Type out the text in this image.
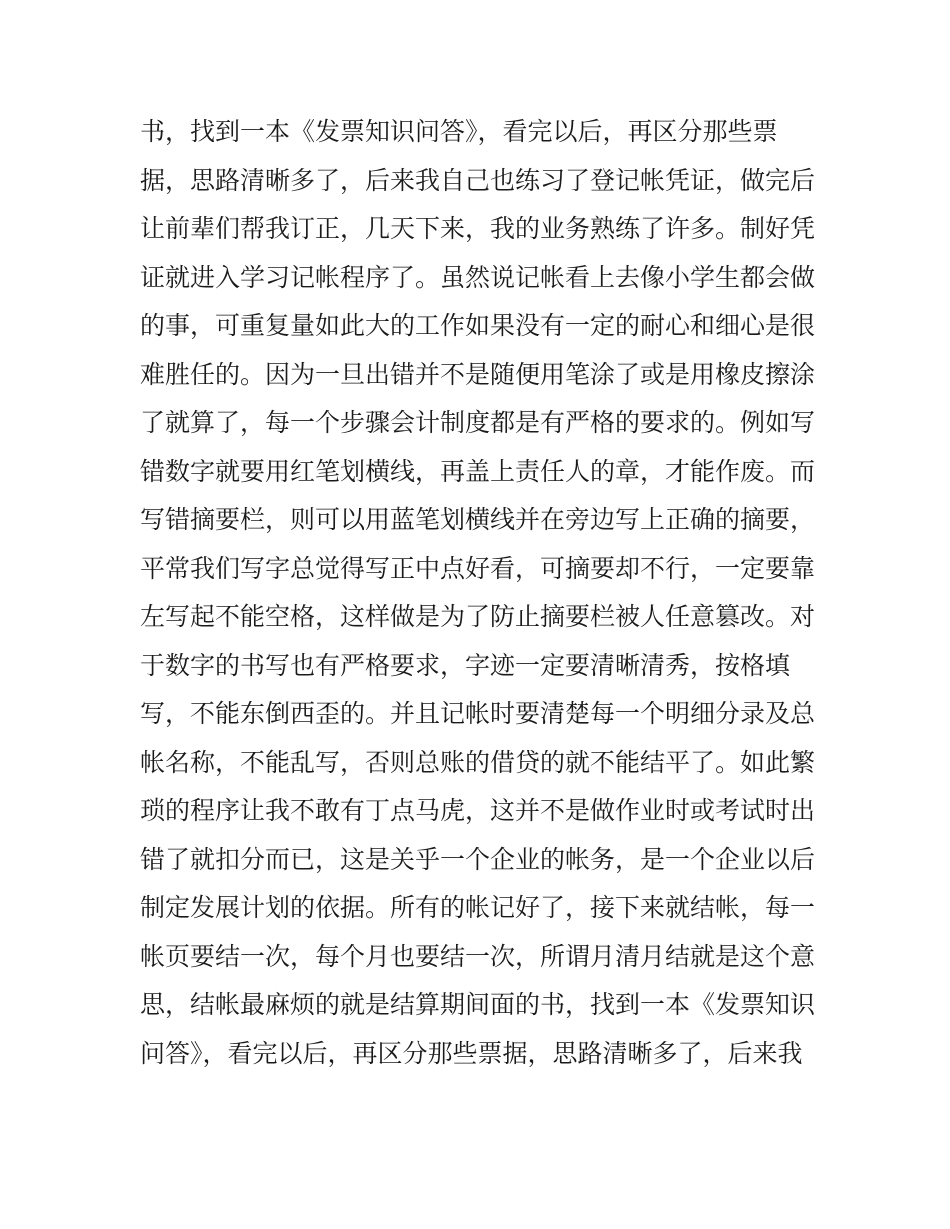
书，找到一本《发票知识问答》，看完以后，再区分那些票
据，思路清晰多了，后来我自己也练习了登记帐凭证，做完后
让前辈们帮我订正，几天下来，我的业务熟练了许多。制好凭
证就进入学习记帐程序了。虽然说记帐看上去像小学生都会做
的事，可重复量如此大的工作如果没有一定的耐心和细心是很
难胜任的。因为一旦出错并不是随便用笔涂了或是用橡皮擦涂
了就算了，每一个步骤会计制度都是有严格的要求的。例如写
错数字就要用红笔划横线，再盖上责任人的章，才能作废。而
写错摘要栏，则可以用蓝笔划横线并在旁边写上正确的摘要，
平常我们写字总觉得写正中点好看，可摘要却不行，一定要靠
左写起不能空格，这样做是为了防止摘要栏被人任意篡改。对
于数字的书写也有严格要求，字迹一定要清晰清秀，按格填
写，不能东倒西歪的。并且记帐时要清楚每一个明细分录及总
帐名称，不能乱写，否则总账的借贷的就不能结平了。如此繁
琐的程序让我不敢有丁点马虎，这并不是做作业时或考试时出
错了就扣分而已，这是关乎一个企业的帐务，是一个企业以后
制定发展计划的依据。所有的帐记好了，接下来就结帐，每一
帐页要结一次，每个月也要结一次，所谓月清月结就是这个意
思，结帐最麻烦的就是结算期间面的书，找到一本《发票知识
问答》，看完以后，再区分那些票据，思路清晰多了，后来我
